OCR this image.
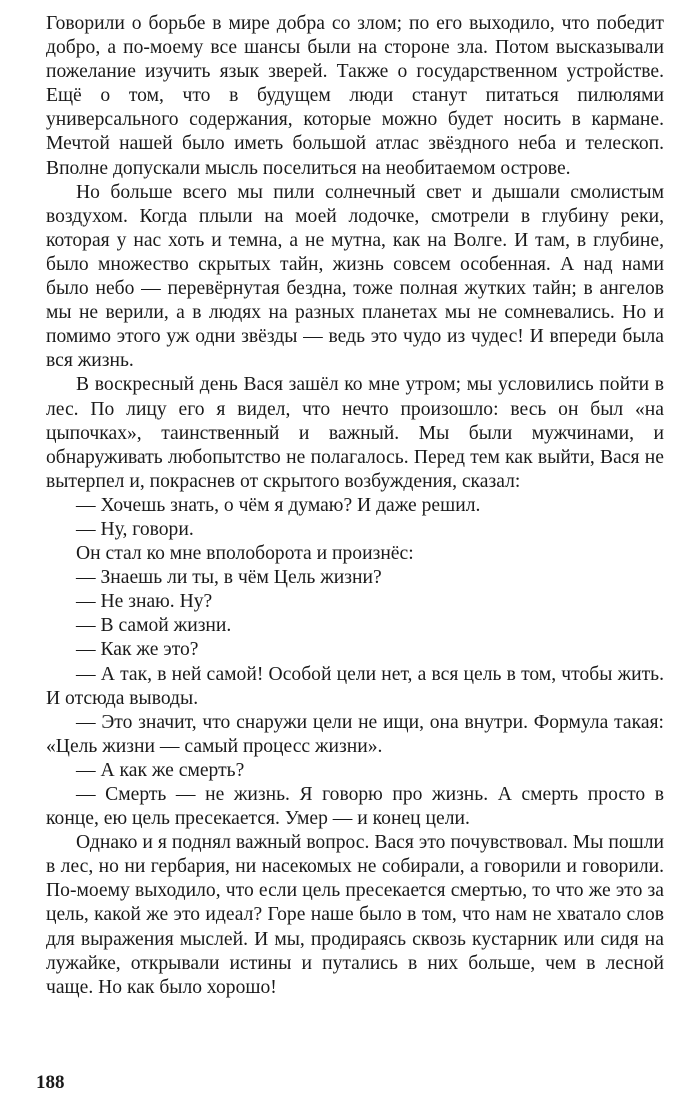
Говорили о борьбе в мире добра со злом; по его выходило, что победит добро, а по-моему все шансы были на стороне зла. Потом высказывали пожелание изучить язык зверей. Также о государственном устройстве. Ещё о том, что в будущем люди станут питаться пилюлями универсального содержания, которые можно будет носить в кармане. Мечтой нашей было иметь большой атлас звёздного неба и телескоп. Вполне допускали мысль поселиться на необитаемом острове.

Но больше всего мы пили солнечный свет и дышали смолистым воздухом. Когда плыли на моей лодочке, смотрели в глубину реки, которая у нас хоть и темна, а не мутна, как на Волге. И там, в глубине, было множество скрытых тайн, жизнь совсем особенная. А над нами было небо — перевёрнутая бездна, тоже полная жутких тайн; в ангелов мы не верили, а в людях на разных планетах мы не сомневались. Но и помимо этого уж одни звёзды — ведь это чудо из чудес! И впереди была вся жизнь.

В воскресный день Вася зашёл ко мне утром; мы условились пойти в лес. По лицу его я видел, что нечто произошло: весь он был «на цыпочках», таинственный и важный. Мы были мужчинами, и обнаруживать любопытство не полагалось. Перед тем как выйти, Вася не вытерпел и, покраснев от скрытого возбуждения, сказал:

— Хочешь знать, о чём я думаю? И даже решил.

— Ну, говори.

Он стал ко мне вполоборота и произнёс:

— Знаешь ли ты, в чём Цель жизни?

— Не знаю. Ну?

— В самой жизни.

— Как же это?

— А так, в ней самой! Особой цели нет, а вся цель в том, чтобы жить. И отсюда выводы.

— Это значит, что снаружи цели не ищи, она внутри. Формула такая: «Цель жизни — самый процесс жизни».

— А как же смерть?

— Смерть — не жизнь. Я говорю про жизнь. А смерть просто в конце, ею цель пресекается. Умер — и конец цели.

Однако и я поднял важный вопрос. Вася это почувствовал. Мы пошли в лес, но ни гербария, ни насекомых не собирали, а говорили и говорили. По-моему выходило, что если цель пресекается смертью, то что же это за цель, какой же это идеал? Горе наше было в том, что нам не хватало слов для выражения мыслей. И мы, продираясь сквозь кустарник или сидя на лужайке, открывали истины и путались в них больше, чем в лесной чаще. Но как было хорошо!

188
